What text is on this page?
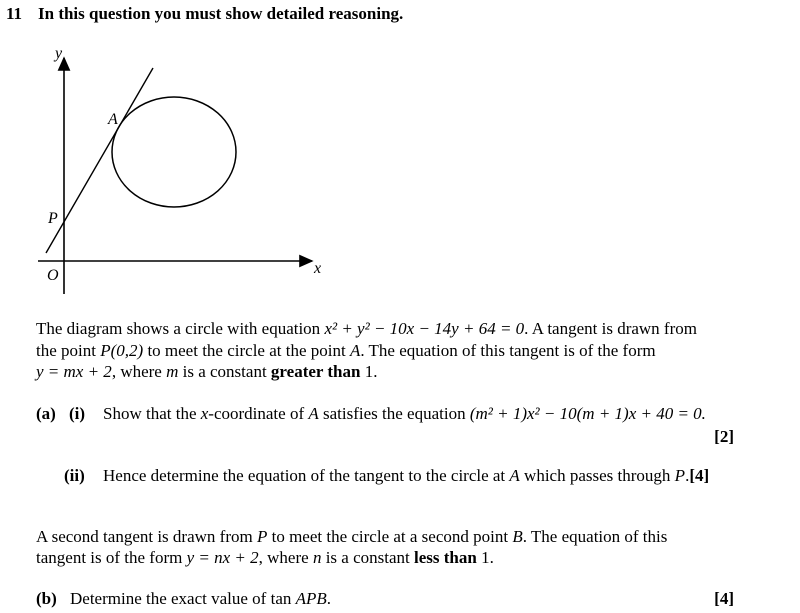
11 In this question you must show detailed reasoning.
y
x
O
P
A
The diagram shows a circle with equation x² + y² − 10x − 14y + 64 = 0. A tangent is drawn from
the point P(0,2) to meet the circle at the point A. The equation of this tangent is of the form
y = mx + 2, where m is a constant greater than 1.
(a) (i) Show that the x-coordinate of A satisfies the equation (m² + 1)x² − 10(m + 1)x + 40 = 0.
[2]
(ii) Hence determine the equation of the tangent to the circle at A which passes through P.[4]
A second tangent is drawn from P to meet the circle at a second point B. The equation of this
tangent is of the form y = nx + 2, where n is a constant less than 1.
(b) Determine the exact value of tan APB.	[4]
